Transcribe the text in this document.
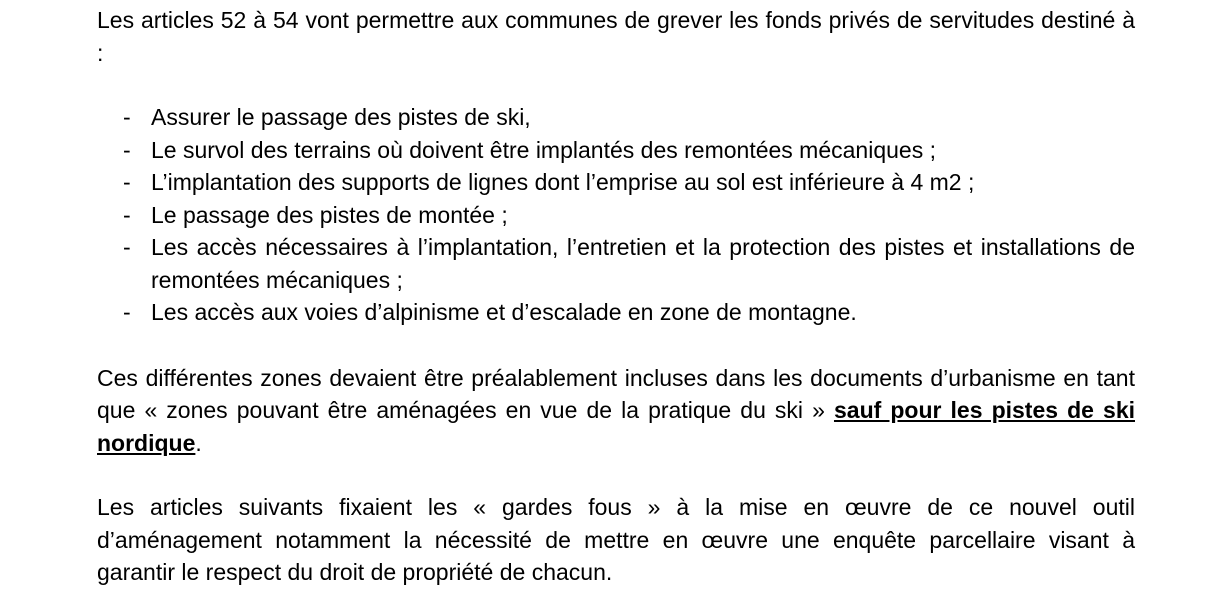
Les articles 52 à 54 vont permettre aux communes de grever les fonds privés de servitudes destiné à :

- Assurer le passage des pistes de ski,
- Le survol des terrains où doivent être implantés des remontées mécaniques ;
- L’implantation des supports de lignes dont l’emprise au sol est inférieure à 4 m2 ;
- Le passage des pistes de montée ;
- Les accès nécessaires à l’implantation, l’entretien et la protection des pistes et installations de remontées mécaniques ;
- Les accès aux voies d’alpinisme et d’escalade en zone de montagne.

Ces différentes zones devaient être préalablement incluses dans les documents d’urbanisme en tant que « zones pouvant être aménagées en vue de la pratique du ski » sauf pour les pistes de ski nordique.

Les articles suivants fixaient les « gardes fous » à la mise en œuvre de ce nouvel outil d’aménagement notamment la nécessité de mettre en œuvre une enquête parcellaire visant à garantir le respect du droit de propriété de chacun.
